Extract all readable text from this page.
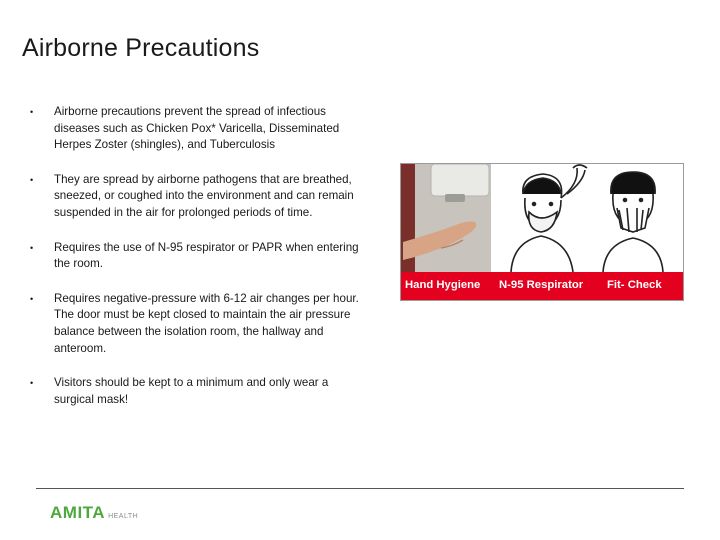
Airborne Precautions
• Airborne precautions prevent the spread of infectious diseases such as Chicken Pox* Varicella, Disseminated Herpes Zoster (shingles), and Tuberculosis
• They are spread by airborne pathogens that are breathed, sneezed, or coughed into the environment and can remain suspended in the air for prolonged periods of time.
• Requires the use of N-95 respirator or PAPR when entering the room.
• Requires negative-pressure with 6-12 air changes per hour. The door must be kept closed to maintain the air pressure balance between the isolation room, the hallway and anteroom.
• Visitors should be kept to a minimum and only wear a surgical mask!
Hand Hygiene N-95 Respirator Fit- Check
AMITA HEALTH
